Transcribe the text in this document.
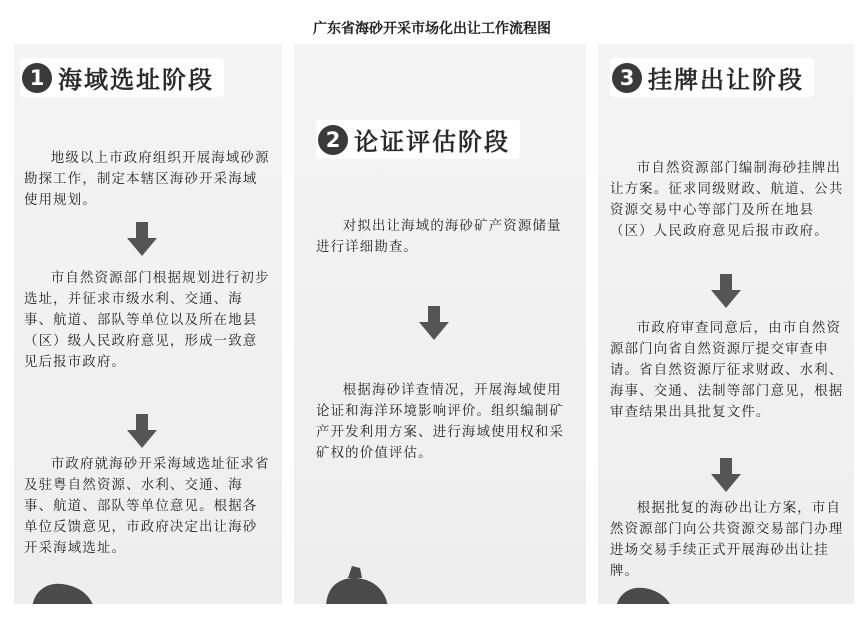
广东省海砂开采市场化出让工作流程图
1 海域选址阶段
地级以上市政府组织开展海域砂源勘探工作，制定本辖区海砂开采海域使用规划。
市自然资源部门根据规划进行初步选址，并征求市级水利、交通、海事、航道、部队等单位以及所在地县（区）级人民政府意见，形成一致意见后报市政府。
市政府就海砂开采海域选址征求省及驻粤自然资源、水利、交通、海事、航道、部队等单位意见。根据各单位反馈意见，市政府决定出让海砂开采海域选址。
2 论证评估阶段
对拟出让海域的海砂矿产资源储量进行详细勘查。
根据海砂详查情况，开展海域使用论证和海洋环境影响评价。组织编制矿产开发利用方案、进行海域使用权和采矿权的价值评估。
3 挂牌出让阶段
市自然资源部门编制海砂挂牌出让方案。征求同级财政、航道、公共资源交易中心等部门及所在地县（区）人民政府意见后报市政府。
市政府审查同意后，由市自然资源部门向省自然资源厅提交审查申请。省自然资源厅征求财政、水利、海事、交通、法制等部门意见，根据审查结果出具批复文件。
根据批复的海砂出让方案，市自然资源部门向公共资源交易部门办理进场交易手续正式开展海砂出让挂牌。
